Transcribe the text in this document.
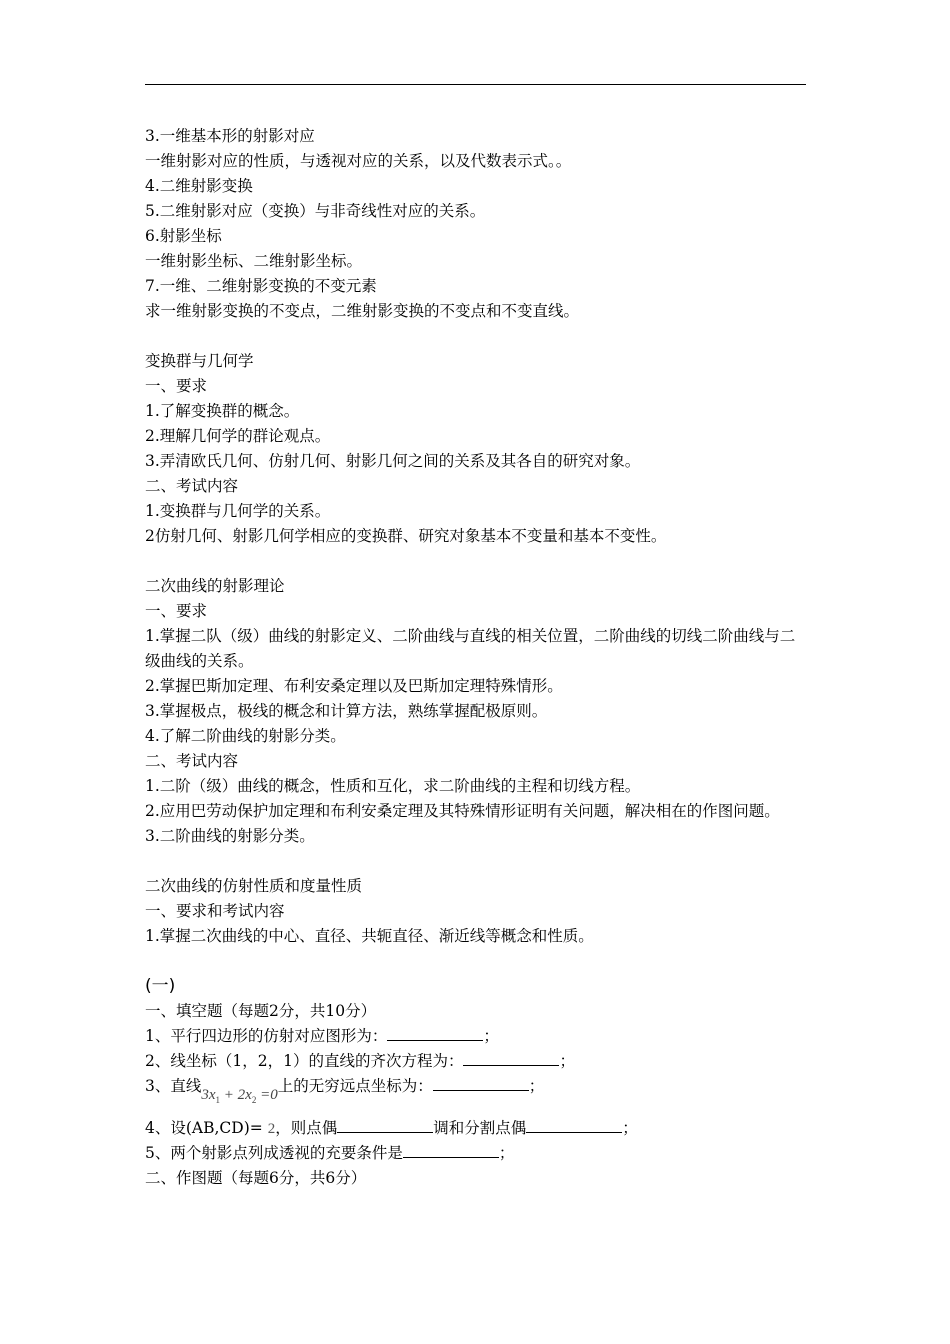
3.一维基本形的射影对应
一维射影对应的性质，与透视对应的关系，以及代数表示式。。
4.二维射影变换
5.二维射影对应（变换）与非奇线性对应的关系。
6.射影坐标
一维射影坐标、二维射影坐标。
7.一维、二维射影变换的不变元素
求一维射影变换的不变点，二维射影变换的不变点和不变直线。
变换群与几何学
一、要求
1.了解变换群的概念。
2.理解几何学的群论观点。
3.弄清欧氏几何、仿射几何、射影几何之间的关系及其各自的研究对象。
二、考试内容
1.变换群与几何学的关系。
2仿射几何、射影几何学相应的变换群、研究对象基本不变量和基本不变性。
二次曲线的射影理论
一、要求
1.掌握二队（级）曲线的射影定义、二阶曲线与直线的相关位置，二阶曲线的切线二阶曲线与二级曲线的关系。
2.掌握巴斯加定理、布利安桑定理以及巴斯加定理特殊情形。
3.掌握极点，极线的概念和计算方法，熟练掌握配极原则。
4.了解二阶曲线的射影分类。
二、考试内容
1.二阶（级）曲线的概念，性质和互化，求二阶曲线的主程和切线方程。
2.应用巴劳动保护加定理和布利安桑定理及其特殊情形证明有关问题，解决相在的作图问题。
3.二阶曲线的射影分类。
二次曲线的仿射性质和度量性质
一、要求和考试内容
1.掌握二次曲线的中心、直径、共轭直径、渐近线等概念和性质。
(一)
一、填空题（每题2分，共10分）
1、平行四边形的仿射对应图形为：	；
2、线坐标（1，2，1）的直线的齐次方程为：	；
3、直线$3x_1 + 2x_2 =0$上的无穷远点坐标为：	；
4、设(AB,CD)= 2，则点偶	调和分割点偶	；
5、两个射影点列成透视的充要条件是	；
二、作图题（每题6分，共6分）
